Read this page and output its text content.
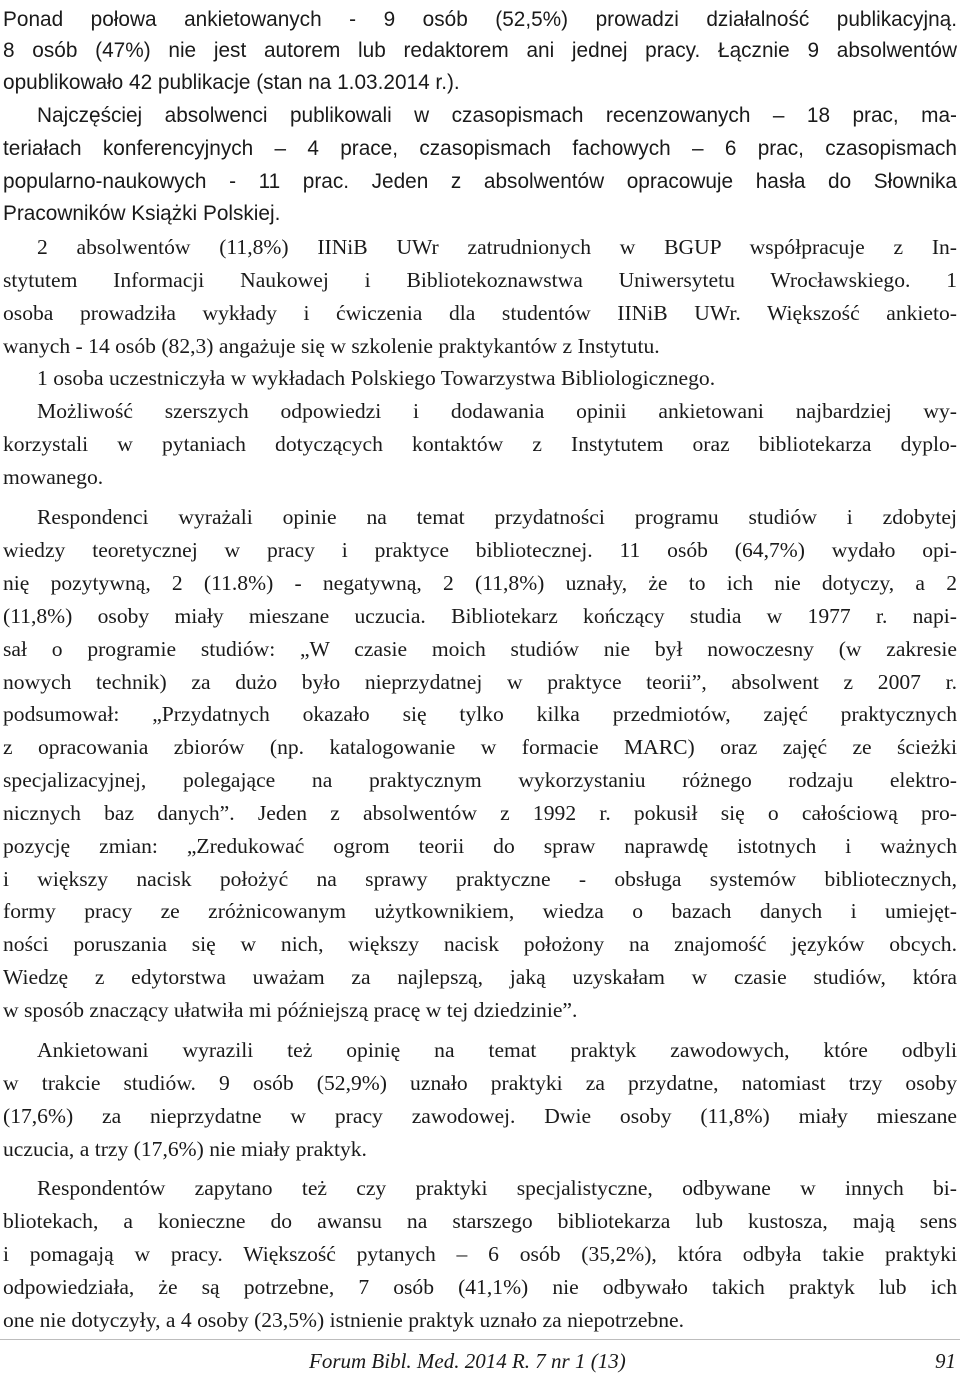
Ponad połowa ankietowanych - 9 osób (52,5%) prowadzi działalność publikacyjną.
8 osób (47%) nie jest autorem lub redaktorem ani jednej pracy. Łącznie 9 absolwentów
opublikowało 42 publikacje (stan na 1.03.2014 r.).
Najczęściej absolwenci publikowali w czasopismach recenzowanych – 18 prac, ma-
teriałach konferencyjnych – 4 prace, czasopismach fachowych – 6 prac, czasopismach
popularno-naukowych - 11 prac. Jeden z absolwentów opracowuje hasła do Słownika
Pracowników Książki Polskiej.
2 absolwentów (11,8%) IINiB UWr zatrudnionych w BGUP współpracuje z In-
stytutem Informacji Naukowej i Bibliotekoznawstwa Uniwersytetu Wrocławskiego. 1
osoba prowadziła wykłady i ćwiczenia dla studentów IINiB UWr. Większość ankieto-
wanych - 14 osób (82,3) angażuje się w szkolenie praktykantów z Instytutu.
1 osoba uczestniczyła w wykładach Polskiego Towarzystwa Bibliologicznego.
Możliwość szerszych odpowiedzi i dodawania opinii ankietowani najbardziej wy-
korzystali w pytaniach dotyczących kontaktów z Instytutem oraz bibliotekarza dyplo-
mowanego.
Respondenci wyrażali opinie na temat przydatności programu studiów i zdobytej
wiedzy teoretycznej w pracy i praktyce bibliotecznej. 11 osób (64,7%) wydało opi-
nię pozytywną, 2 (11.8%) - negatywną, 2 (11,8%) uznały, że to ich nie dotyczy, a 2
(11,8%) osoby miały mieszane uczucia. Bibliotekarz kończący studia w 1977 r. napi-
sał o programie studiów: „W czasie moich studiów nie był nowoczesny (w zakresie
nowych technik) za dużo było nieprzydatnej w praktyce teorii”, absolwent z 2007 r.
podsumował: „Przydatnych okazało się tylko kilka przedmiotów, zajęć praktycznych
z opracowania zbiorów (np. katalogowanie w formacie MARC) oraz zajęć ze ścieżki
specjalizacyjnej, polegające na praktycznym wykorzystaniu różnego rodzaju elektro-
nicznych baz danych”. Jeden z absolwentów z 1992 r. pokusił się o całościową pro-
pozycję zmian: „Zredukować ogrom teorii do spraw naprawdę istotnych i ważnych
i większy nacisk położyć na sprawy praktyczne - obsługa systemów bibliotecznych,
formy pracy ze zróżnicowanym użytkownikiem, wiedza o bazach danych i umiejęt-
ności poruszania się w nich, większy nacisk położony na znajomość języków obcych.
Wiedzę z edytorstwa uważam za najlepszą, jaką uzyskałam w czasie studiów, która
w sposób znaczący ułatwiła mi późniejszą pracę w tej dziedzinie”.
Ankietowani wyrazili też opinię na temat praktyk zawodowych, które odbyli
w trakcie studiów. 9 osób (52,9%) uznało praktyki za przydatne, natomiast trzy osoby
(17,6%) za nieprzydatne w pracy zawodowej. Dwie osoby (11,8%) miały mieszane
uczucia, a trzy (17,6%) nie miały praktyk.
Respondentów zapytano też czy praktyki specjalistyczne, odbywane w innych bi-
bliotekach, a konieczne do awansu na starszego bibliotekarza lub kustosza, mają sens
i pomagają w pracy. Większość pytanych – 6 osób (35,2%), która odbyła takie praktyki
odpowiedziała, że są potrzebne, 7 osób (41,1%) nie odbywało takich praktyk lub ich
one nie dotyczyły, a 4 osoby (23,5%) istnienie praktyk uznało za niepotrzebne.
Forum Bibl. Med. 2014 R. 7 nr 1 (13)	91
